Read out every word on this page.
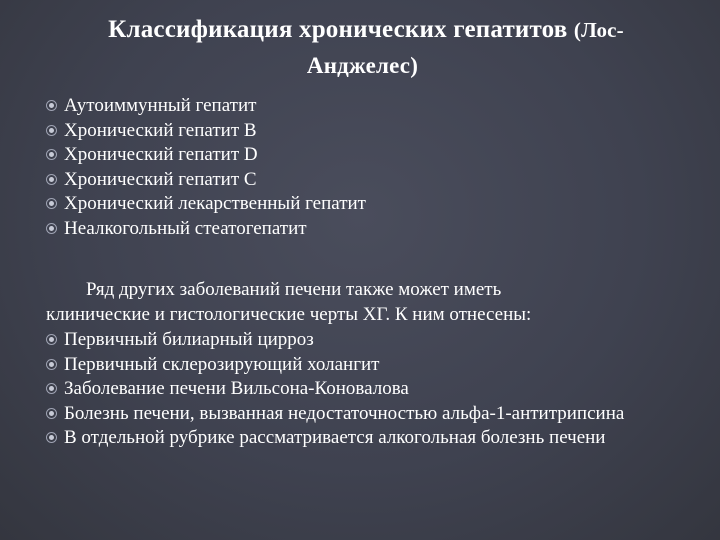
Классификация хронических гепатитов (Лос-
Анджелес)
Аутоиммунный гепатит
Хронический гепатит В
Хронический гепатит D
Хронический гепатит С
Хронический лекарственный гепатит
Неалкогольный стеатогепатит
Ряд других заболеваний печени также может иметь
клинические и гистологические черты ХГ. К ним отнесены:
Первичный билиарный цирроз
Первичный склерозирующий холангит
Заболевание печени Вильсона-Коновалова
Болезнь печени, вызванная недостаточностью альфа-1-антитрипсина
В отдельной рубрике рассматривается алкогольная болезнь печени
